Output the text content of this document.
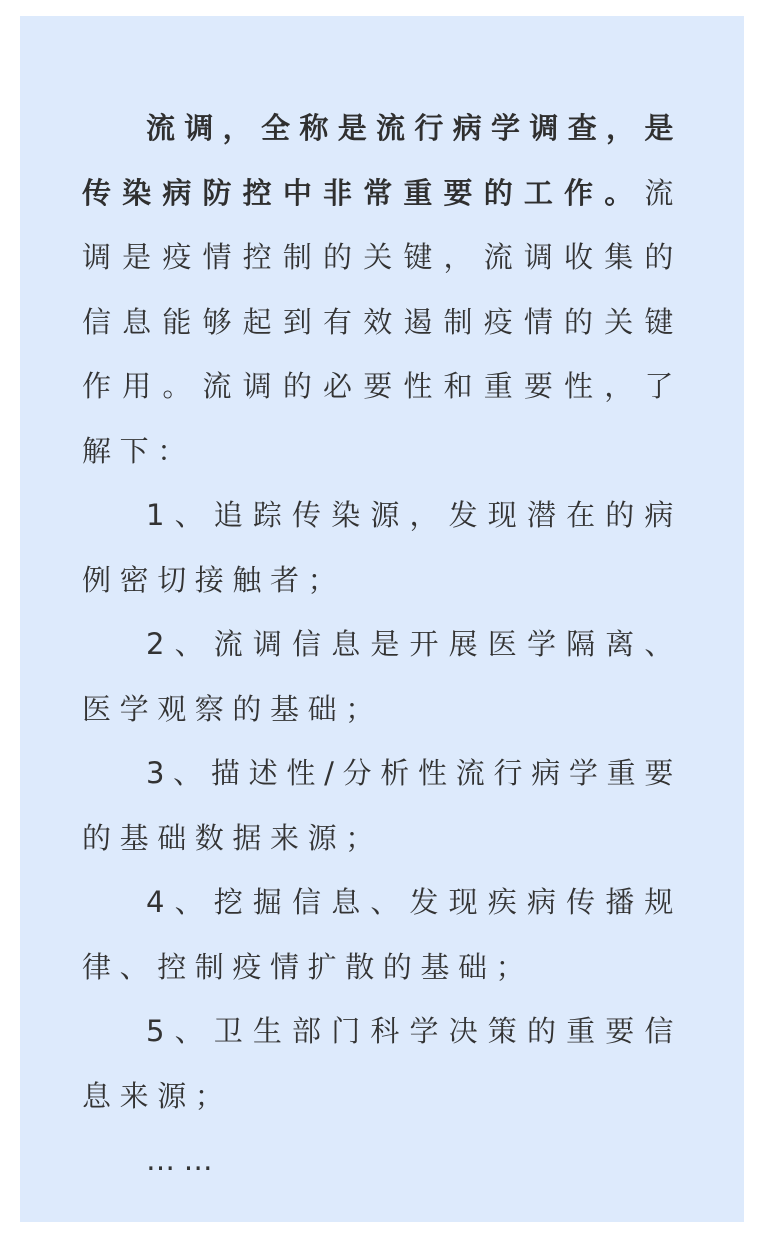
流调，全称是流行病学调查，是传染病防控中非常重要的工作。流调是疫情控制的关键，流调收集的信息能够起到有效遏制疫情的关键作用。流调的必要性和重要性，了解下：

1、追踪传染源，发现潜在的病例密切接触者；

2、流调信息是开展医学隔离、医学观察的基础；

3、描述性/分析性流行病学重要的基础数据来源；

4、挖掘信息、发现疾病传播规律、控制疫情扩散的基础；

5、卫生部门科学决策的重要信息来源；

……
